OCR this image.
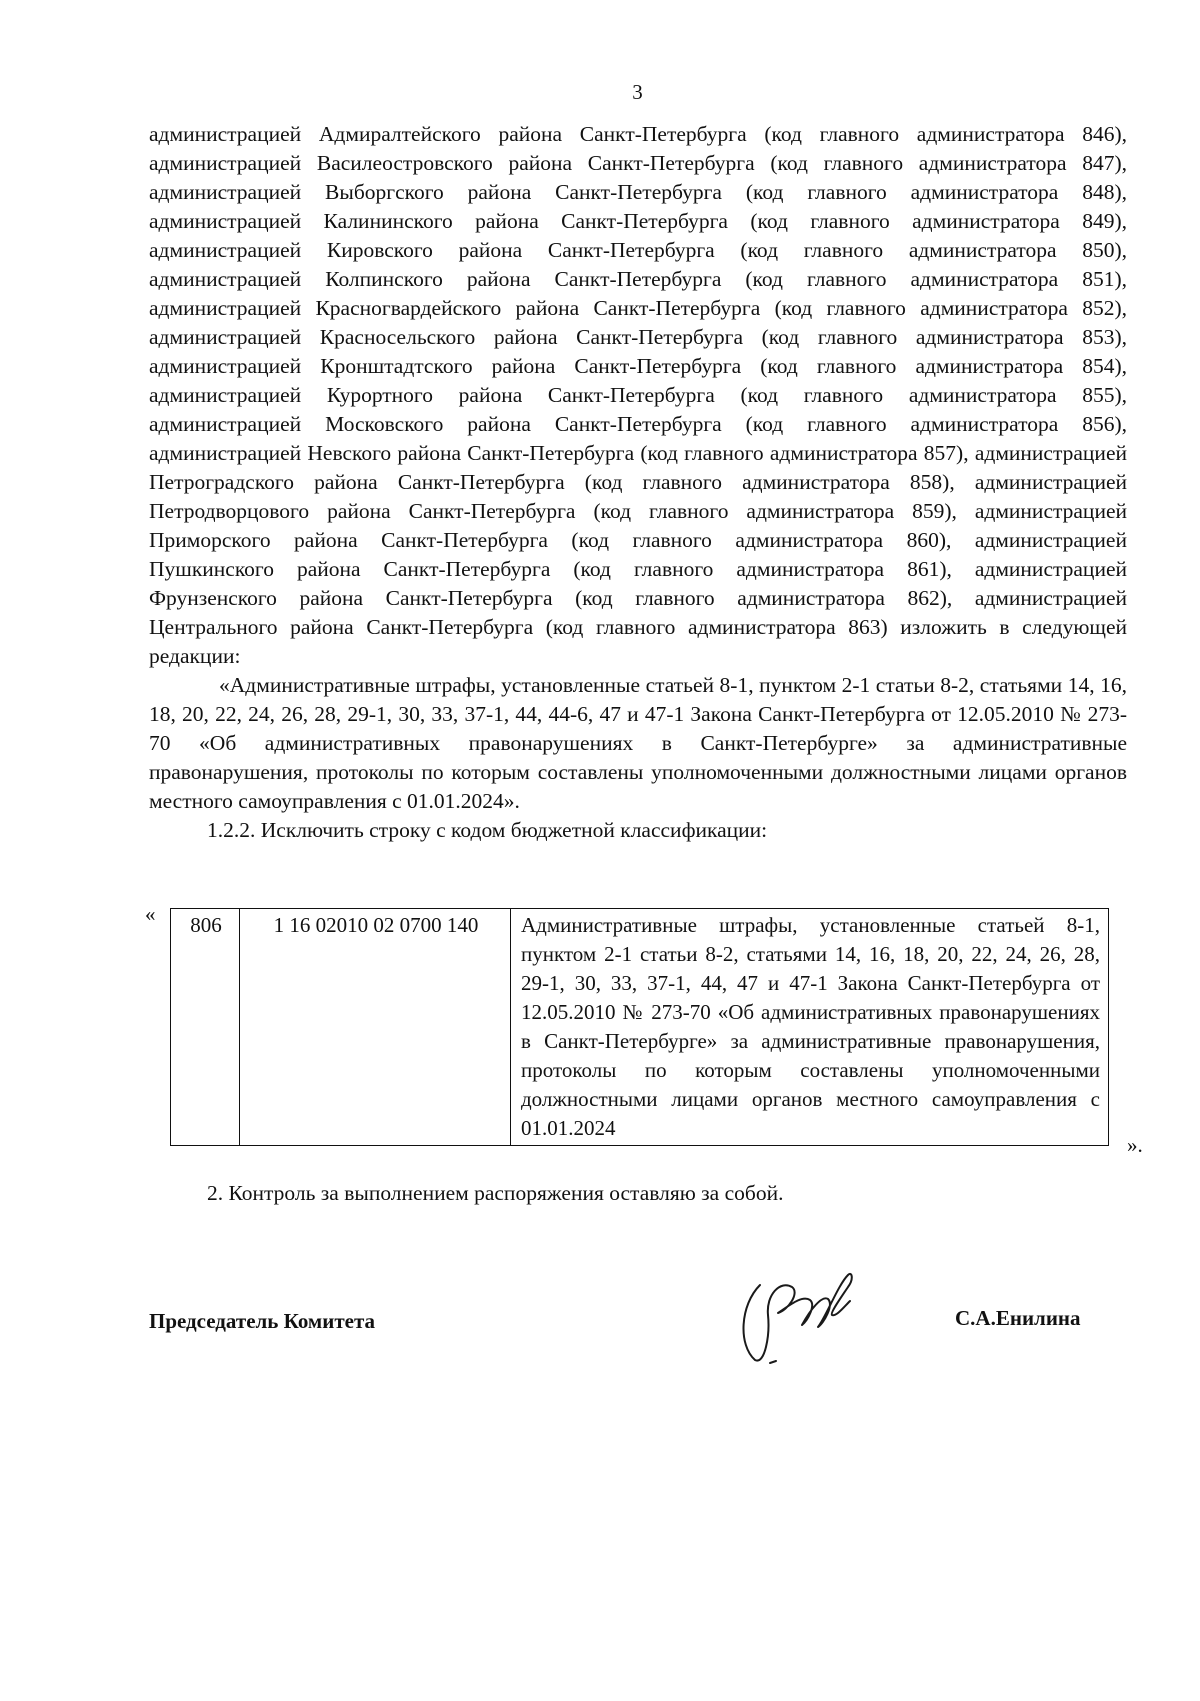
3

администрацией Адмиралтейского района Санкт-Петербурга (код главного администратора 846), администрацией Василеостровского района Санкт-Петербурга (код главного администратора 847), администрацией Выборгского района Санкт-Петербурга (код главного администратора 848), администрацией Калининского района Санкт-Петербурга (код главного администратора 849), администрацией Кировского района Санкт-Петербурга (код главного администратора 850), администрацией Колпинского района Санкт-Петербурга (код главного администратора 851), администрацией Красногвардейского района Санкт-Петербурга (код главного администратора 852), администрацией Красносельского района Санкт-Петербурга (код главного администратора 853), администрацией Кронштадтского района Санкт-Петербурга (код главного администратора 854), администрацией Курортного района Санкт-Петербурга (код главного администратора 855), администрацией Московского района Санкт-Петербурга (код главного администратора 856), администрацией Невского района Санкт-Петербурга (код главного администратора 857), администрацией Петроградского района Санкт-Петербурга (код главного администратора 858), администрацией Петродворцового района Санкт-Петербурга (код главного администратора 859), администрацией Приморского района Санкт-Петербурга (код главного администратора 860), администрацией Пушкинского района Санкт-Петербурга (код главного администратора 861), администрацией Фрунзенского района Санкт-Петербурга (код главного администратора 862), администрацией Центрального района Санкт-Петербурга (код главного администратора 863) изложить в следующей редакции:

«Административные штрафы, установленные статьей 8-1, пунктом 2-1 статьи 8-2, статьями 14, 16, 18, 20, 22, 24, 26, 28, 29-1, 30, 33, 37-1, 44, 44-6, 47 и 47-1 Закона Санкт-Петербурга от 12.05.2010 № 273-70 «Об административных правонарушениях в Санкт-Петербурге» за административные правонарушения, протоколы по которым составлены уполномоченными должностными лицами органов местного самоуправления с 01.01.2024».

1.2.2. Исключить строку с кодом бюджетной классификации:

« 806	1 16 02010 02 0700 140	Административные штрафы, установленные статьей 8-1, пунктом 2-1 статьи 8-2, статьями 14, 16, 18, 20, 22, 24, 26, 28, 29-1, 30, 33, 37-1, 44, 47 и 47-1 Закона Санкт-Петербурга от 12.05.2010 № 273-70 «Об административных правонарушениях в Санкт-Петербурге» за административные правонарушения, протоколы по которым составлены уполномоченными должностными лицами органов местного самоуправления с 01.01.2024
».
2. Контроль за выполнением распоряжения оставляю за собой.
Председатель Комитета	С.А.Енилина
